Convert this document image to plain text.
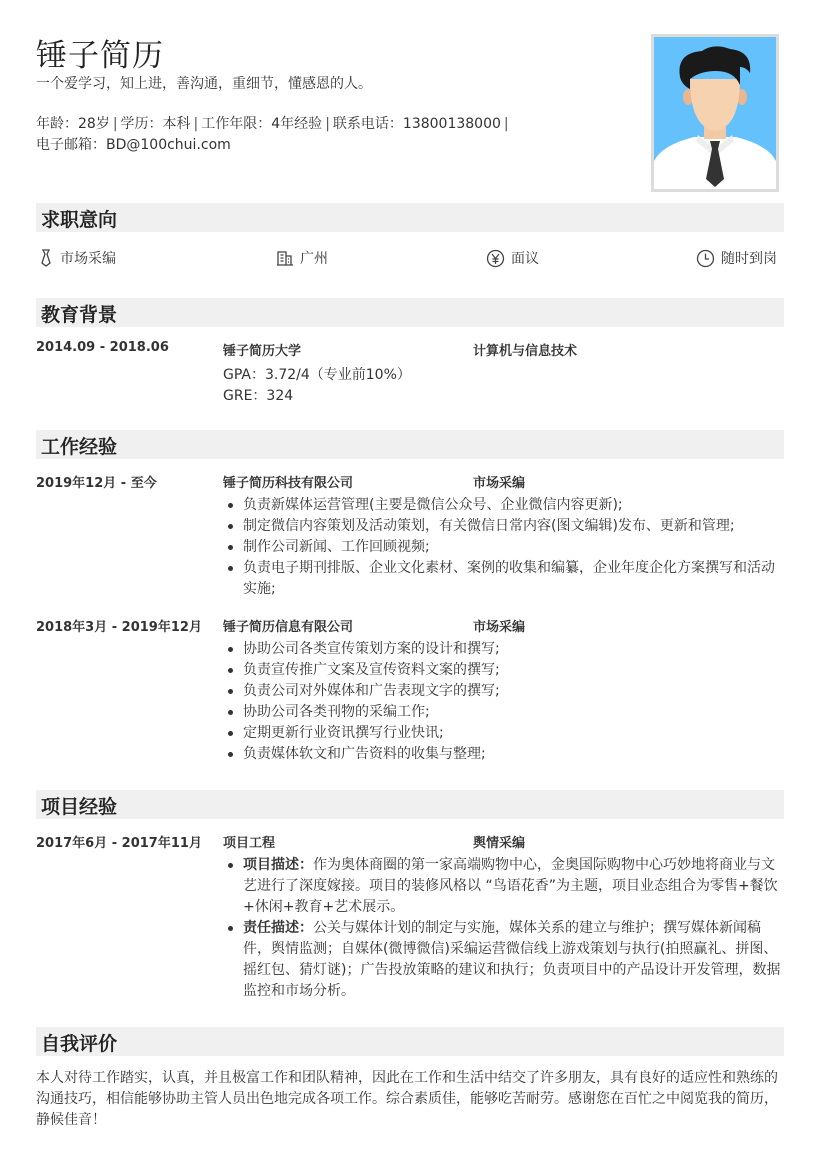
锤子简历
一个爱学习，知上进，善沟通，重细节，懂感恩的人。
年龄：28岁 | 学历：本科 | 工作年限：4年经验 | 联系电话：13800138000 |
电子邮箱：BD@100chui.com
求职意向
市场采编	广州	面议	随时到岗
教育背景
2014.09 - 2018.06	锤子简历大学	计算机与信息技术
GPA：3.72/4（专业前10%）
GRE：324
工作经验
2019年12月 - 至今	锤子简历科技有限公司	市场采编
负责新媒体运营管理(主要是微信公众号、企业微信内容更新);
制定微信内容策划及活动策划，有关微信日常内容(图文编辑)发布、更新和管理;
制作公司新闻、工作回顾视频;
负责电子期刊排版、企业文化素材、案例的收集和编纂，企业年度企化方案撰写和活动实施;
2018年3月 - 2019年12月 锤子简历信息有限公司	市场采编
协助公司各类宣传策划方案的设计和撰写;
负责宣传推广文案及宣传资料文案的撰写;
负责公司对外媒体和广告表现文字的撰写;
协助公司各类刊物的采编工作;
定期更新行业资讯撰写行业快讯;
负责媒体软文和广告资料的收集与整理;
项目经验
2017年6月 - 2017年11月 项目工程	舆情采编
项目描述：作为奥体商圈的第一家高端购物中心，金奥国际购物中心巧妙地将商业与文艺进行了深度嫁接。项目的装修风格以 “鸟语花香”为主题，项目业态组合为零售+餐饮+休闲+教育+艺术展示。
责任描述：公关与媒体计划的制定与实施，媒体关系的建立与维护；撰写媒体新闻稿件，舆情监测；自媒体(微博微信)采编运营微信线上游戏策划与执行(拍照赢礼、拼图、摇红包、猜灯谜)；广告投放策略的建议和执行；负责项目中的产品设计开发管理，数据监控和市场分析。
自我评价
本人对待工作踏实，认真，并且极富工作和团队精神，因此在工作和生活中结交了许多朋友，具有良好的适应性和熟练的沟通技巧，相信能够协助主管人员出色地完成各项工作。综合素质佳，能够吃苦耐劳。感谢您在百忙之中阅览我的简历，静候佳音！
